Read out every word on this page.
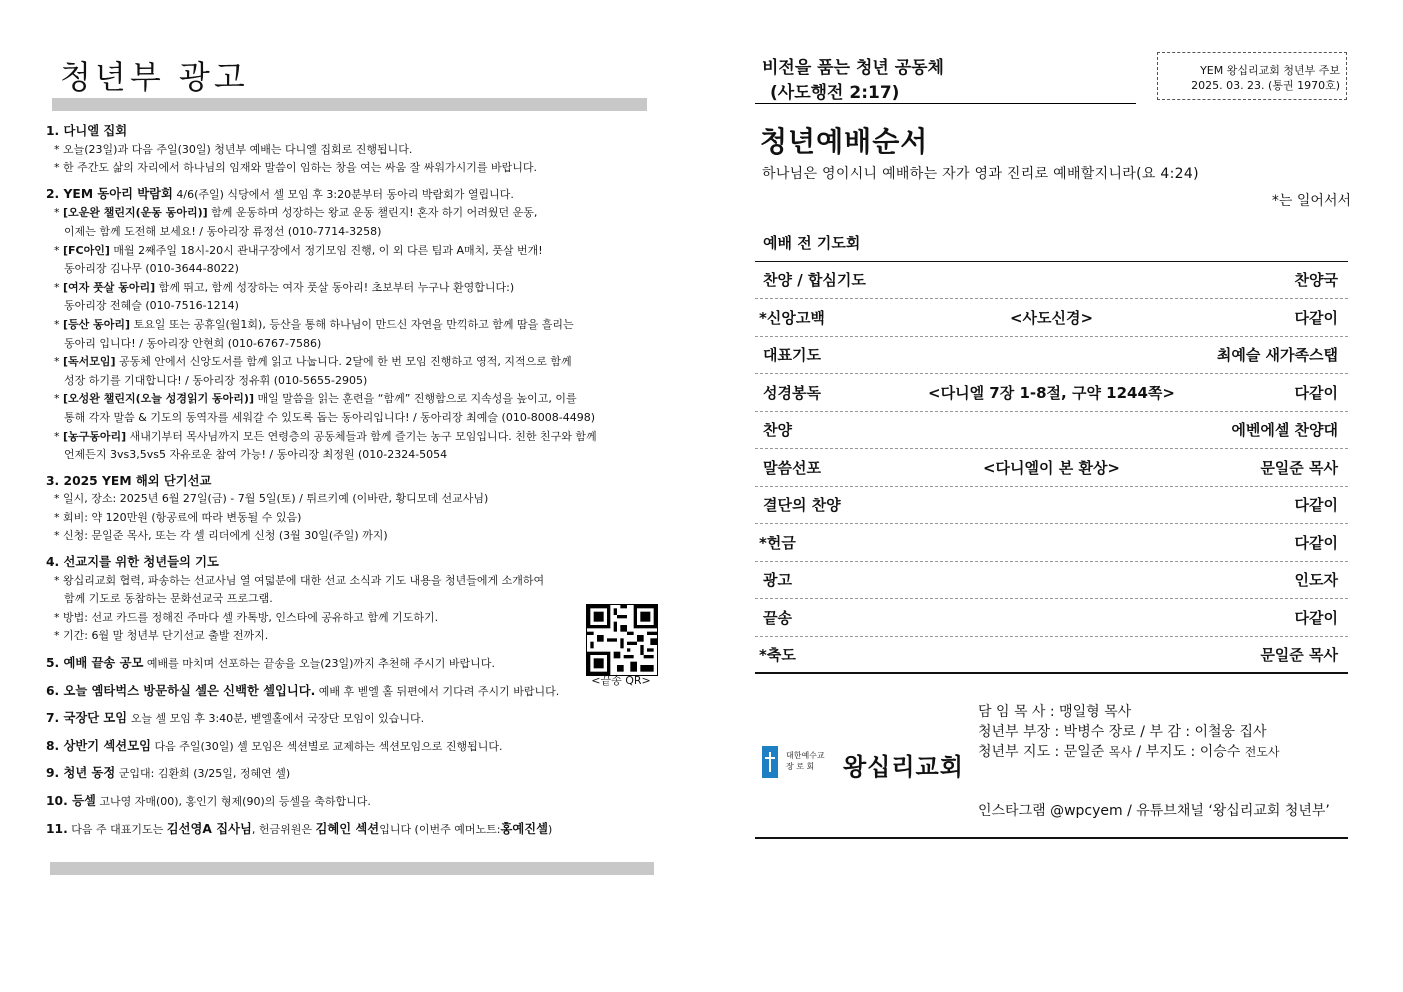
청년부 광고
1. 다니엘 집회
* 오늘(23일)과 다음 주일(30일) 청년부 예배는 다니엘 집회로 진행됩니다.
* 한 주간도 삶의 자리에서 하나님의 임재와 말씀이 임하는 창을 여는 싸움 잘 싸워가시기를 바랍니다.
2. YEM 동아리 박람회 4/6(주일) 식당에서 셀 모임 후 3:20분부터 동아리 박람회가 열립니다.
* [오운완 챌린지(운동 동아리)] 함께 운동하며 성장하는 왕교 운동 챌린지! 혼자 하기 어려웠던 운동,
이제는 함께 도전해 보세요! / 동아리장 류정선 (010-7714-3258)
* [FC아인] 매월 2째주일 18시-20시 관내구장에서 정기모임 진행, 이 외 다른 팀과 A매치, 풋살 번개!
동아리장 김나무 (010-3644-8022)
* [여자 풋살 동아리] 함께 뛰고, 함께 성장하는 여자 풋살 동아리! 초보부터 누구나 환영합니다:)
동아리장 전혜슬 (010-7516-1214)
* [등산 동아리] 토요일 또는 공휴일(월1회), 등산을 통해 하나님이 만드신 자연을 만끽하고 함께 땀을 흘리는
동아리 입니다! / 동아리장 안현희 (010-6767-7586)
* [독서모임] 공동체 안에서 신앙도서를 함께 읽고 나눕니다. 2달에 한 번 모임 진행하고 영적, 지적으로 함께
성장 하기를 기대합니다! / 동아리장 정유휘 (010-5655-2905)
* [오성완 챌린지(오늘 성경읽기 동아리)] 매일 말씀을 읽는 훈련을 “함께” 진행함으로 지속성을 높이고, 이를
통해 각자 말씀 & 기도의 동역자를 세워갈 수 있도록 돕는 동아리입니다! / 동아리장 최예슬 (010-8008-4498)
* [농구동아리] 새내기부터 목사님까지 모든 연령층의 공동체들과 함께 즐기는 농구 모임입니다. 친한 친구와 함께
언제든지 3vs3,5vs5 자유로운 참여 가능! / 동아리장 최정원 (010-2324-5054
3. 2025 YEM 해외 단기선교
* 일시, 장소: 2025년 6월 27일(금) - 7월 5일(토) / 튀르키예 (이바란, 황디모데 선교사님)
* 회비: 약 120만원 (항공료에 따라 변동될 수 있음)
* 신청: 문일준 목사, 또는 각 셀 리더에게 신청 (3월 30일(주일) 까지)
4. 선교지를 위한 청년들의 기도
* 왕십리교회 협력, 파송하는 선교사님 열 여덟분에 대한 선교 소식과 기도 내용을 청년들에게 소개하여
함께 기도로 동참하는 문화선교국 프로그램.
* 방법: 선교 카드를 정해진 주마다 셀 카톡방, 인스타에 공유하고 함께 기도하기.
* 기간: 6월 말 청년부 단기선교 출발 전까지.
5. 예배 끝송 공모 예배를 마치며 선포하는 끝송을 오늘(23일)까지 추천해 주시기 바랍니다.
6. 오늘 옘타벅스 방문하실 셀은 신백한 셀입니다. 예배 후 벧엘 홀 뒤편에서 기다려 주시기 바랍니다.
7. 국장단 모임 오늘 셀 모임 후 3:40분, 벧엘홀에서 국장단 모임이 있습니다.
8. 상반기 섹션모임 다음 주일(30일) 셀 모임은 섹션별로 교제하는 섹션모임으로 진행됩니다.
9. 청년 동정 군입대: 김환희 (3/25일, 정혜연 셀)
10. 등셀 고나영 자매(00), 홍인기 형제(90)의 등셀을 축하합니다.
11. 다음 주 대표기도는 김선영A 집사님, 헌금위원은 김혜인 섹션입니다 (이번주 예머노트:홍예진셀)
<끝송 QR>
비전을 품는 청년 공동체
(사도행전 2:17)
YEM 왕십리교회 청년부 주보
2025. 03. 23. (통권 1970호)
청년예배순서
하나님은 영이시니 예배하는 자가 영과 진리로 예배할지니라(요 4:24)
*는 일어서서
예배 전 기도회
찬양 / 합심기도	찬양국
*신앙고백	<사도신경>	다같이
대표기도	최예슬 새가족스탭
성경봉독	<다니엘 7장 1-8절, 구약 1244쪽>	다같이
찬양	에벤에셀 찬양대
말씀선포	<다니엘이 본 환상>	문일준 목사
결단의 찬양	다같이
*헌금	다같이
광고	인도자
끝송	다같이
*축도	문일준 목사
대한예수교
장 로 회	왕십리교회
담 임 목 사 : 맹일형 목사
청년부 부장 : 박병수 장로 / 부 감 : 이철웅 집사
청년부 지도 : 문일준 목사 / 부지도 : 이승수 전도사
인스타그램 @wpcyem / 유튜브채널 ‘왕십리교회 청년부’
